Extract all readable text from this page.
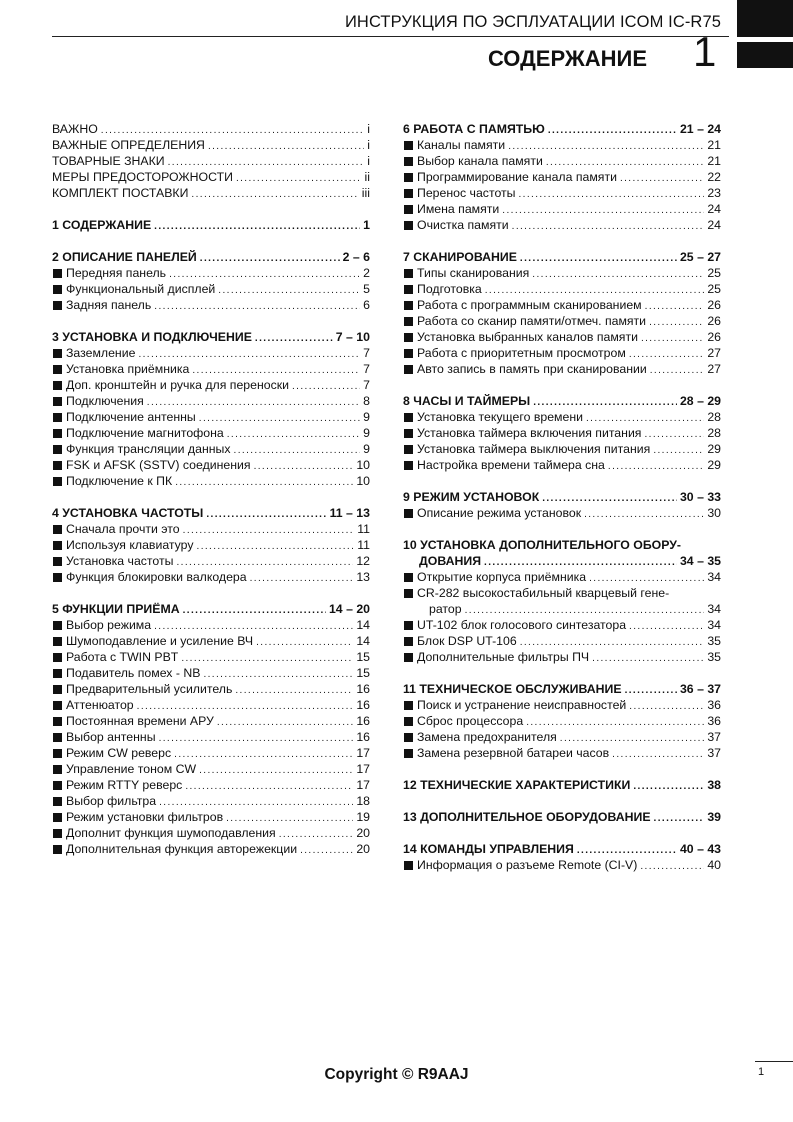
ИНСТРУКЦИЯ ПО ЭСПЛУАТАЦИИ ICOM IC-R75
СОДЕРЖАНИЕ 1
ВАЖНО .....	i
ВАЖНЫЕ ОПРЕДЕЛЕНИЯ .....	i
ТОВАРНЫЕ ЗНАКИ .....	i
МЕРЫ ПРЕДОСТОРОЖНОСТИ .....	ii
КОМПЛЕКТ ПОСТАВКИ .....	iii
1 СОДЕРЖАНИЕ .....	1
2 ОПИСАНИЕ ПАНЕЛЕЙ .....	2 – 6
Передняя панель .....	2
Функциональный дисплей .....	5
Задняя панель .....	6
3 УСТАНОВКА И ПОДКЛЮЧЕНИЕ .....	7 – 10
Заземление .....	7
Установка приёмника .....	7
Доп. кронштейн и ручка для переноски .....	7
Подключения .....	8
Подключение антенны .....	9
Подключение магнитофона .....	9
Функция трансляции данных .....	9
FSK и AFSK (SSTV) соединения .....	10
Подключение к ПК .....	10
4 УСТАНОВКА ЧАСТОТЫ .....	11 – 13
Сначала прочти это .....	11
Используя клавиатуру .....	11
Установка частоты .....	12
Функция блокировки валкодера .....	13
5 ФУНКЦИИ ПРИЁМА .....	14 – 20
Выбор режима .....	14
Шумоподавление и усиление ВЧ .....	14
Работа с TWIN PBT .....	15
Подавитель помех - NB .....	15
Предварительный усилитель .....	16
Аттенюатор .....	16
Постоянная времени АРУ .....	16
Выбор антенны .....	16
Режим CW реверс .....	17
Управление тоном CW .....	17
Режим RTTY реверс .....	17
Выбор фильтра .....	18
Режим установки фильтров .....	19
Дополнит функция шумоподавления .....	20
Дополнительная функция авторежекции .....	20
6 РАБОТА С ПАМЯТЬЮ .....	21 – 24
Каналы памяти .....	21
Выбор канала памяти .....	21
Программирование канала памяти .....	22
Перенос частоты .....	23
Имена памяти .....	24
Очистка памяти .....	24
7 СКАНИРОВАНИЕ .....	25 – 27
Типы сканирования .....	25
Подготовка .....	25
Работа с программным сканированием .....	26
Работа со сканир памяти/отмеч. памяти .....	26
Установка выбранных каналов памяти .....	26
Работа с приоритетным просмотром .....	27
Авто запись в память при сканировании .....	27
8 ЧАСЫ И ТАЙМЕРЫ .....	28 – 29
Установка текущего времени .....	28
Установка таймера включения питания .....	28
Установка таймера выключения питания .....	29
Настройка времени таймера сна .....	29
9 РЕЖИМ УСТАНОВОК .....	30 – 33
Описание режима установок .....	30
10 УСТАНОВКА ДОПОЛНИТЕЛЬНОГО ОБОРУ-
ДОВАНИЯ .....	34 – 35
Открытие корпуса приёмника .....	34
CR-282 высокостабильный кварцевый гене-
ратор .....	34
UT-102 блок голосового синтезатора .....	34
Блок DSP UT-106 .....	35
Дополнительные фильтры ПЧ .....	35
11 ТЕХНИЧЕСКОЕ ОБСЛУЖИВАНИЕ .....	36 – 37
Поиск и устранение неисправностей .....	36
Сброс процессора .....	36
Замена предохранителя .....	37
Замена резервной батареи часов .....	37
12 ТЕХНИЧЕСКИЕ ХАРАКТЕРИСТИКИ .....	38
13 ДОПОЛНИТЕЛЬНОЕ ОБОРУДОВАНИЕ .....	39
14 КОМАНДЫ УПРАВЛЕНИЯ .....	40 – 43
Информация о разъеме Remote (CI-V) .....	40
Copyright © R9AAJ	1
